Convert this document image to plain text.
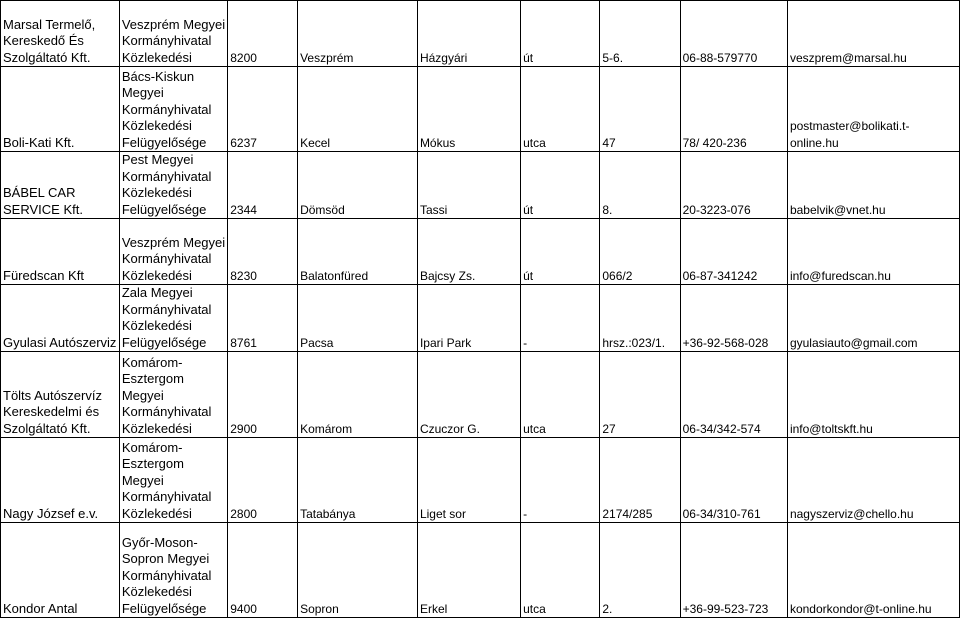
Marsal Termelő, Kereskedő És Szolgáltató Kft.	Veszprém Megyei Kormányhivatal Közlekedési	8200	Veszprém	Házgyári	út	5-6.	06-88-579770	veszprem@marsal.hu
Boli-Kati Kft.	Bács-Kiskun Megyei Kormányhivatal Közlekedési Felügyelősége	6237	Kecel	Mókus	utca	47	78/ 420-236	postmaster@bolikati.t-online.hu
BÁBEL CAR SERVICE Kft.	Pest Megyei Kormányhivatal Közlekedési Felügyelősége	2344	Dömsöd	Tassi	út	8.	20-3223-076	babelvik@vnet.hu
Füredscan Kft	Veszprém Megyei Kormányhivatal Közlekedési	8230	Balatonfüred	Bajcsy Zs.	út	066/2	06-87-341242	info@furedscan.hu
Gyulasi Autószerviz	Zala Megyei Kormányhivatal Közlekedési Felügyelősége	8761	Pacsa	Ipari Park	-	hrsz.:023/1.	+36-92-568-028	gyulasiauto@gmail.com
Tölts Autószervíz Kereskedelmi és Szolgáltató Kft.	Komárom-Esztergom Megyei Kormányhivatal Közlekedési	2900	Komárom	Czuczor G.	utca	27	06-34/342-574	info@toltskft.hu
Nagy József e.v.	Komárom-Esztergom Megyei Kormányhivatal Közlekedési	2800	Tatabánya	Liget sor	-	2174/285	06-34/310-761	nagyszerviz@chello.hu
Kondor Antal	Győr-Moson-Sopron Megyei Kormányhivatal Közlekedési Felügyelősége	9400	Sopron	Erkel	utca	2.	+36-99-523-723	kondorkondor@t-online.hu
